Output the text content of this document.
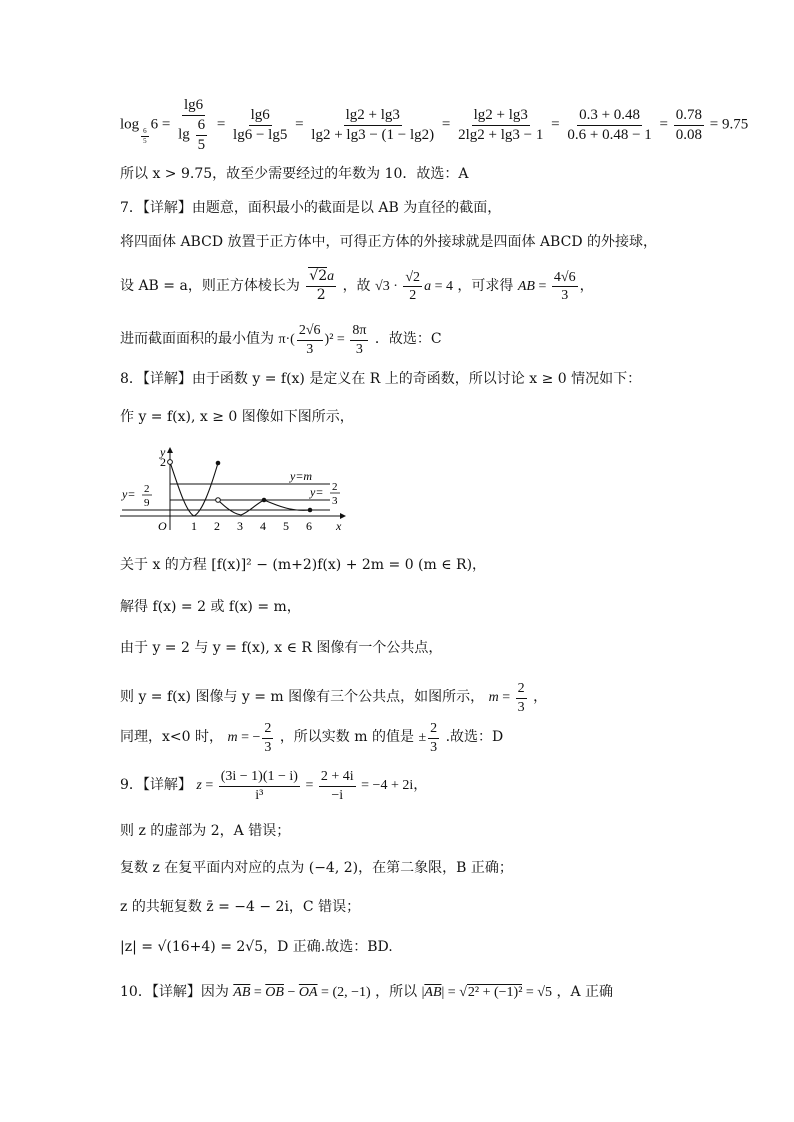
log
$_{\frac{6}{5}}$
$6 = \frac{\lg 6}{\lg \frac{6}{5}} = \frac{\lg 6}{\lg 6 - \lg 5} = \frac{\lg 2 + \lg 3}{\lg 2 + \lg 3 - (1 - \lg 2)} = \frac{\lg 2 + \lg 3}{2\lg 2 + \lg 3 - 1} = \frac{0.3 + 0.48}{0.6 + 0.48 - 1} = \frac{0.78}{0.08} = 9.75$
所以 x > 9.75，故至少需要经过的年数为 10．故选：A
7．【详解】由题意，面积最小的截面是以 AB 为直径的截面，
将四面体 ABCD 放置于正方体中，可得正方体的外接球就是四面体 ABCD 的外接球，
设 AB = a，则正方体棱长为 $\frac{√2a}{2}$ ，故 $√3 \cdot \frac{√2}{2}$ a = 4 ，可求得 AB = $\frac{4√6}{3}$ ，
进而截面面积的最小值为 $\pi\cdot( \frac{2√6}{3} )^2 = \frac{8\pi}{3}$ ．故选：C
8．【详解】由于函数 y = f(x) 是定义在 R 上的奇函数，所以讨论 x ≥ 0 情况如下：
作 y = f(x), x ≥ 0 图像如下图所示，
y
2
O	x
1 2 3 4 5 6
y=m
y= 2
3
y= 2
9
关于 x 的方程 [f(x)]² − (m+2)f(x) + 2m = 0 (m ∈ R)，
解得 f(x) = 2 或 f(x) = m，
由于 y = 2 与 y = f(x), x ∈ R 图像有一个公共点，
则 y = f(x) 图像与 y = m 图像有三个公共点，如图所示， $m = \frac{2}{3}$ ，
同理，x<0 时， m = − $\frac{2}{3}$ ，所以实数 m 的值是 ± $\frac{2}{3}$ .故选：D
9．【详解】 $z = \frac{(3i - 1)(1 - i)}{\text{i³}} = \frac{2 + 4i}{-i} = -4 + 2i$，
则 z 的虚部为 2，A 错误；
复数 z 在复平面内对应的点为 (−4, 2)，在第二象限，B 正确；
z 的共轭复数 z̄ = −4 − 2i，C 错误；
|z| = √(16+4) = 2√5，D 正确.故选：BD.
10．【详解】因为 $\overline{AB} = \overline{OB} - \overline{OA} = (2$, −1) ，所以 $|\overline{AB}| = √2^2 + (-1)^2 = √5$ ，A 正确
